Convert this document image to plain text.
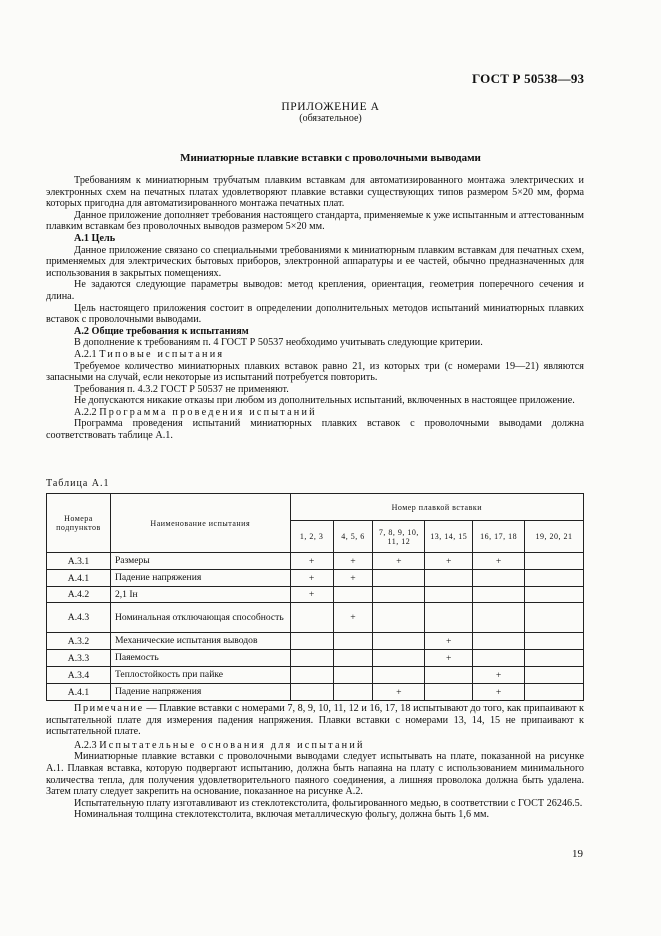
ГОСТ Р 50538—93
ПРИЛОЖЕНИЕ А
(обязательное)
Миниатюрные плавкие вставки с проволочными выводами

Требованиям к миниатюрным трубчатым плавким вставкам для автоматизированного монтажа электрических и электронных схем на печатных платах удовлетворяют плавкие вставки существующих типов размером 5×20 мм, форма которых пригодна для автоматизированного монтажа печатных плат.

Данное приложение дополняет требования настоящего стандарта, применяемые к уже испытанным и аттестованным плавким вставкам без проволочных выводов размером 5×20 мм.

А.1 Цель

Данное приложение связано со специальными требованиями к миниатюрным плавким вставкам для печатных схем, применяемых для электрических бытовых приборов, электронной аппаратуры и ее частей, обычно предназначенных для использования в закрытых помещениях.

Не задаются следующие параметры выводов: метод крепления, ориентация, геометрия поперечного сечения и длина.

Цель настоящего приложения состоит в определении дополнительных методов испытаний миниатюрных плавких вставок с проволочными выводами.

А.2 Общие требования к испытаниям

В дополнение к требованиям п. 4 ГОСТ Р 50537 необходимо учитывать следующие критерии.

А.2.1 Типовые испытания

Требуемое количество миниатюрных плавких вставок равно 21, из которых три (с номерами 19—21) являются запасными на случай, если некоторые из испытаний потребуется повторить.

Требования п. 4.3.2 ГОСТ Р 50537 не применяют.

Не допускаются никакие отказы при любом из дополнительных испытаний, включенных в настоящее приложение.

А.2.2 Программа проведения испытаний

Программа проведения испытаний миниатюрных плавких вставок с проволочными выводами должна соответствовать таблице А.1.

Таблица А.1
Номера подпунктов	Наименование испытания	Номер плавкой вставки					
		1, 2, 3	4, 5, 6	7, 8, 9, 10, 11, 12	13, 14, 15	16, 17, 18	19, 20, 21
А.3.1	Размеры	+	+	+	+	+	
А.4.1	Падение напряжения	+	+				
А.4.2	2,1 Iн	+					
А.4.3	Номинальная отключающая способность		+				
А.3.2	Механические испытания выводов				+		
А.3.3	Паяемость				+		
А.3.4	Теплостойкость при пайке					+	
А.4.1	Падение напряжения			+		+	

Примечание — Плавкие вставки с номерами 7, 8, 9, 10, 11, 12 и 16, 17, 18 испытывают до того, как припаивают к испытательной плате для измерения падения напряжения. Плавки вставки с номерами 13, 14, 15 не припаивают к испытательной плате.

А.2.3 Испытательные основания для испытаний

Миниатюрные плавкие вставки с проволочными выводами следует испытывать на плате, показанной на рисунке А.1. Плавкая вставка, которую подвергают испытанию, должна быть напаяна на плату с использованием минимального количества тепла, для получения удовлетворительного паяного соединения, а лишняя проволока должна быть удалена. Затем плату следует закрепить на основание, показанное на рисунке А.2.

Испытательную плату изготавливают из стеклотекстолита, фольгированного медью, в соответствии с ГОСТ 26246.5.

Номинальная толщина стеклотекстолита, включая металлическую фольгу, должна быть 1,6 мм.

19
